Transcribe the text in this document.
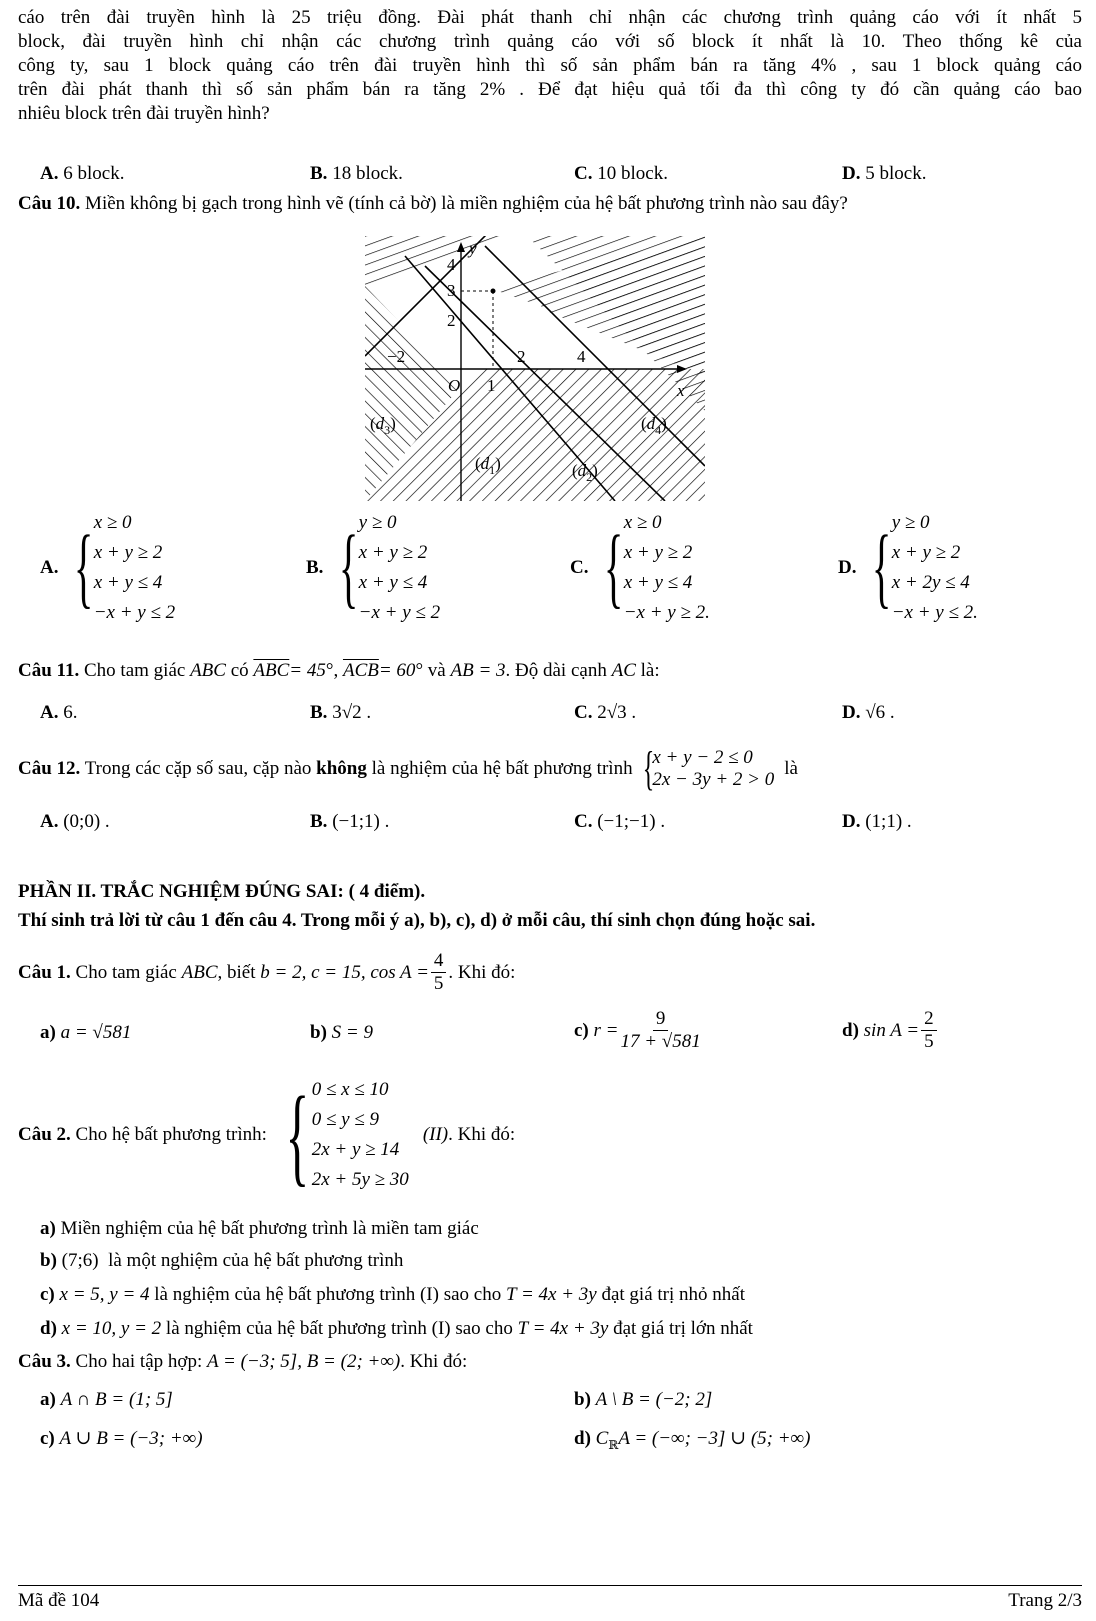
cáo trên đài truyền hình là 25 triệu đồng. Đài phát thanh chỉ nhận các chương trình quảng cáo với ít nhất 5
block, đài truyền hình chỉ nhận các chương trình quảng cáo với số block ít nhất là 10. Theo thống kê của
công ty, sau 1 block quảng cáo trên đài truyền hình thì số sản phẩm bán ra tăng 4% , sau 1 block quảng cáo
trên đài phát thanh thì số sản phẩm bán ra tăng 2% . Để đạt hiệu quả tối đa thì công ty đó cần quảng cáo bao
nhiêu block trên đài truyền hình?
A. 6 block.	B. 18 block.	C. 10 block.	D. 5 block.
Câu 10. Miền không bị gạch trong hình vẽ (tính cả bờ) là miền nghiệm của hệ bất phương trình nào sau đây?
y
x
O
4
3
2
−2	2	4
1
$(d_3)$
$(d_1)$	$(d_2)$
$(d_4)$
A. { x ≥ 0
x + y ≥ 2
x + y ≤ 4
−x + y ≤ 2
B. { y ≥ 0
x + y ≥ 2
x + y ≤ 4
−x + y ≤ 2
C. { x ≥ 0
x + y ≥ 2
x + y ≤ 4
−x + y ≥ 2.
D. { y ≥ 0
x + y ≥ 2
x + 2y ≤ 4
−x + y ≤ 2.
Câu 11. Cho tam giác ABC có $\overline{ABC}= 45^\circ$, $\overline{ACB}= 60^\circ$ và AB = 3. Độ dài cạnh AC là:
A. 6.	B. 3√2 .	C. 2√3 .	D. √6 .
Câu 12. Trong các cặp số sau, cặp nào không là nghiệm của hệ bất phương trình {
x + y − 2 ≤ 0
2x − 3y + 2 > 0
là
A. (0;0) .	B. (−1;1) .	C. (−1;−1) .	D. (1;1) .
PHẦN II. TRẮC NGHIỆM ĐÚNG SAI: ( 4 điểm).
Thí sinh trả lời từ câu 1 đến câu 4. Trong mỗi ý a), b), c), d) ở mỗi câu, thí sinh chọn đúng hoặc sai.
Câu 1.
Cho tam giác
ABC , biết
b = 2, c = 15, $\cos A = \frac{4}{5}$ . Khi đó:
a) a = √581	b) S = 9	c)
$r = \frac{9}{17 + √581}$	d)
$\sin A = \frac{2}{5}$
Câu 2. Cho hệ bất phương trình: { 0 ≤ x ≤ 10
0 ≤ y ≤ 9
2x + y ≥ 14
2x + 5y ≥ 30
(II). Khi đó:
a) Miền nghiệm của hệ bất phương trình là miền tam giác
b) (7;6) là một nghiệm của hệ bất phương trình
c) x = 5, y = 4 là nghiệm của hệ bất phương trình (I) sao cho T = 4x + 3y đạt giá trị nhỏ nhất
d) x = 10, y = 2 là nghiệm của hệ bất phương trình (I) sao cho T = 4x + 3y đạt giá trị lớn nhất
Câu 3. Cho hai tập hợp: A = (−3; 5], B = (2; +∞). Khi đó:
a) A ∩ B = (1; 5]	b) A \ B = (−2; 2]
c) A ∪ B = (−3; +∞)	d) $C_ℝA$ = (−∞; −3] ∪ (5; +∞)
Mã đề 104	Trang 2/3
